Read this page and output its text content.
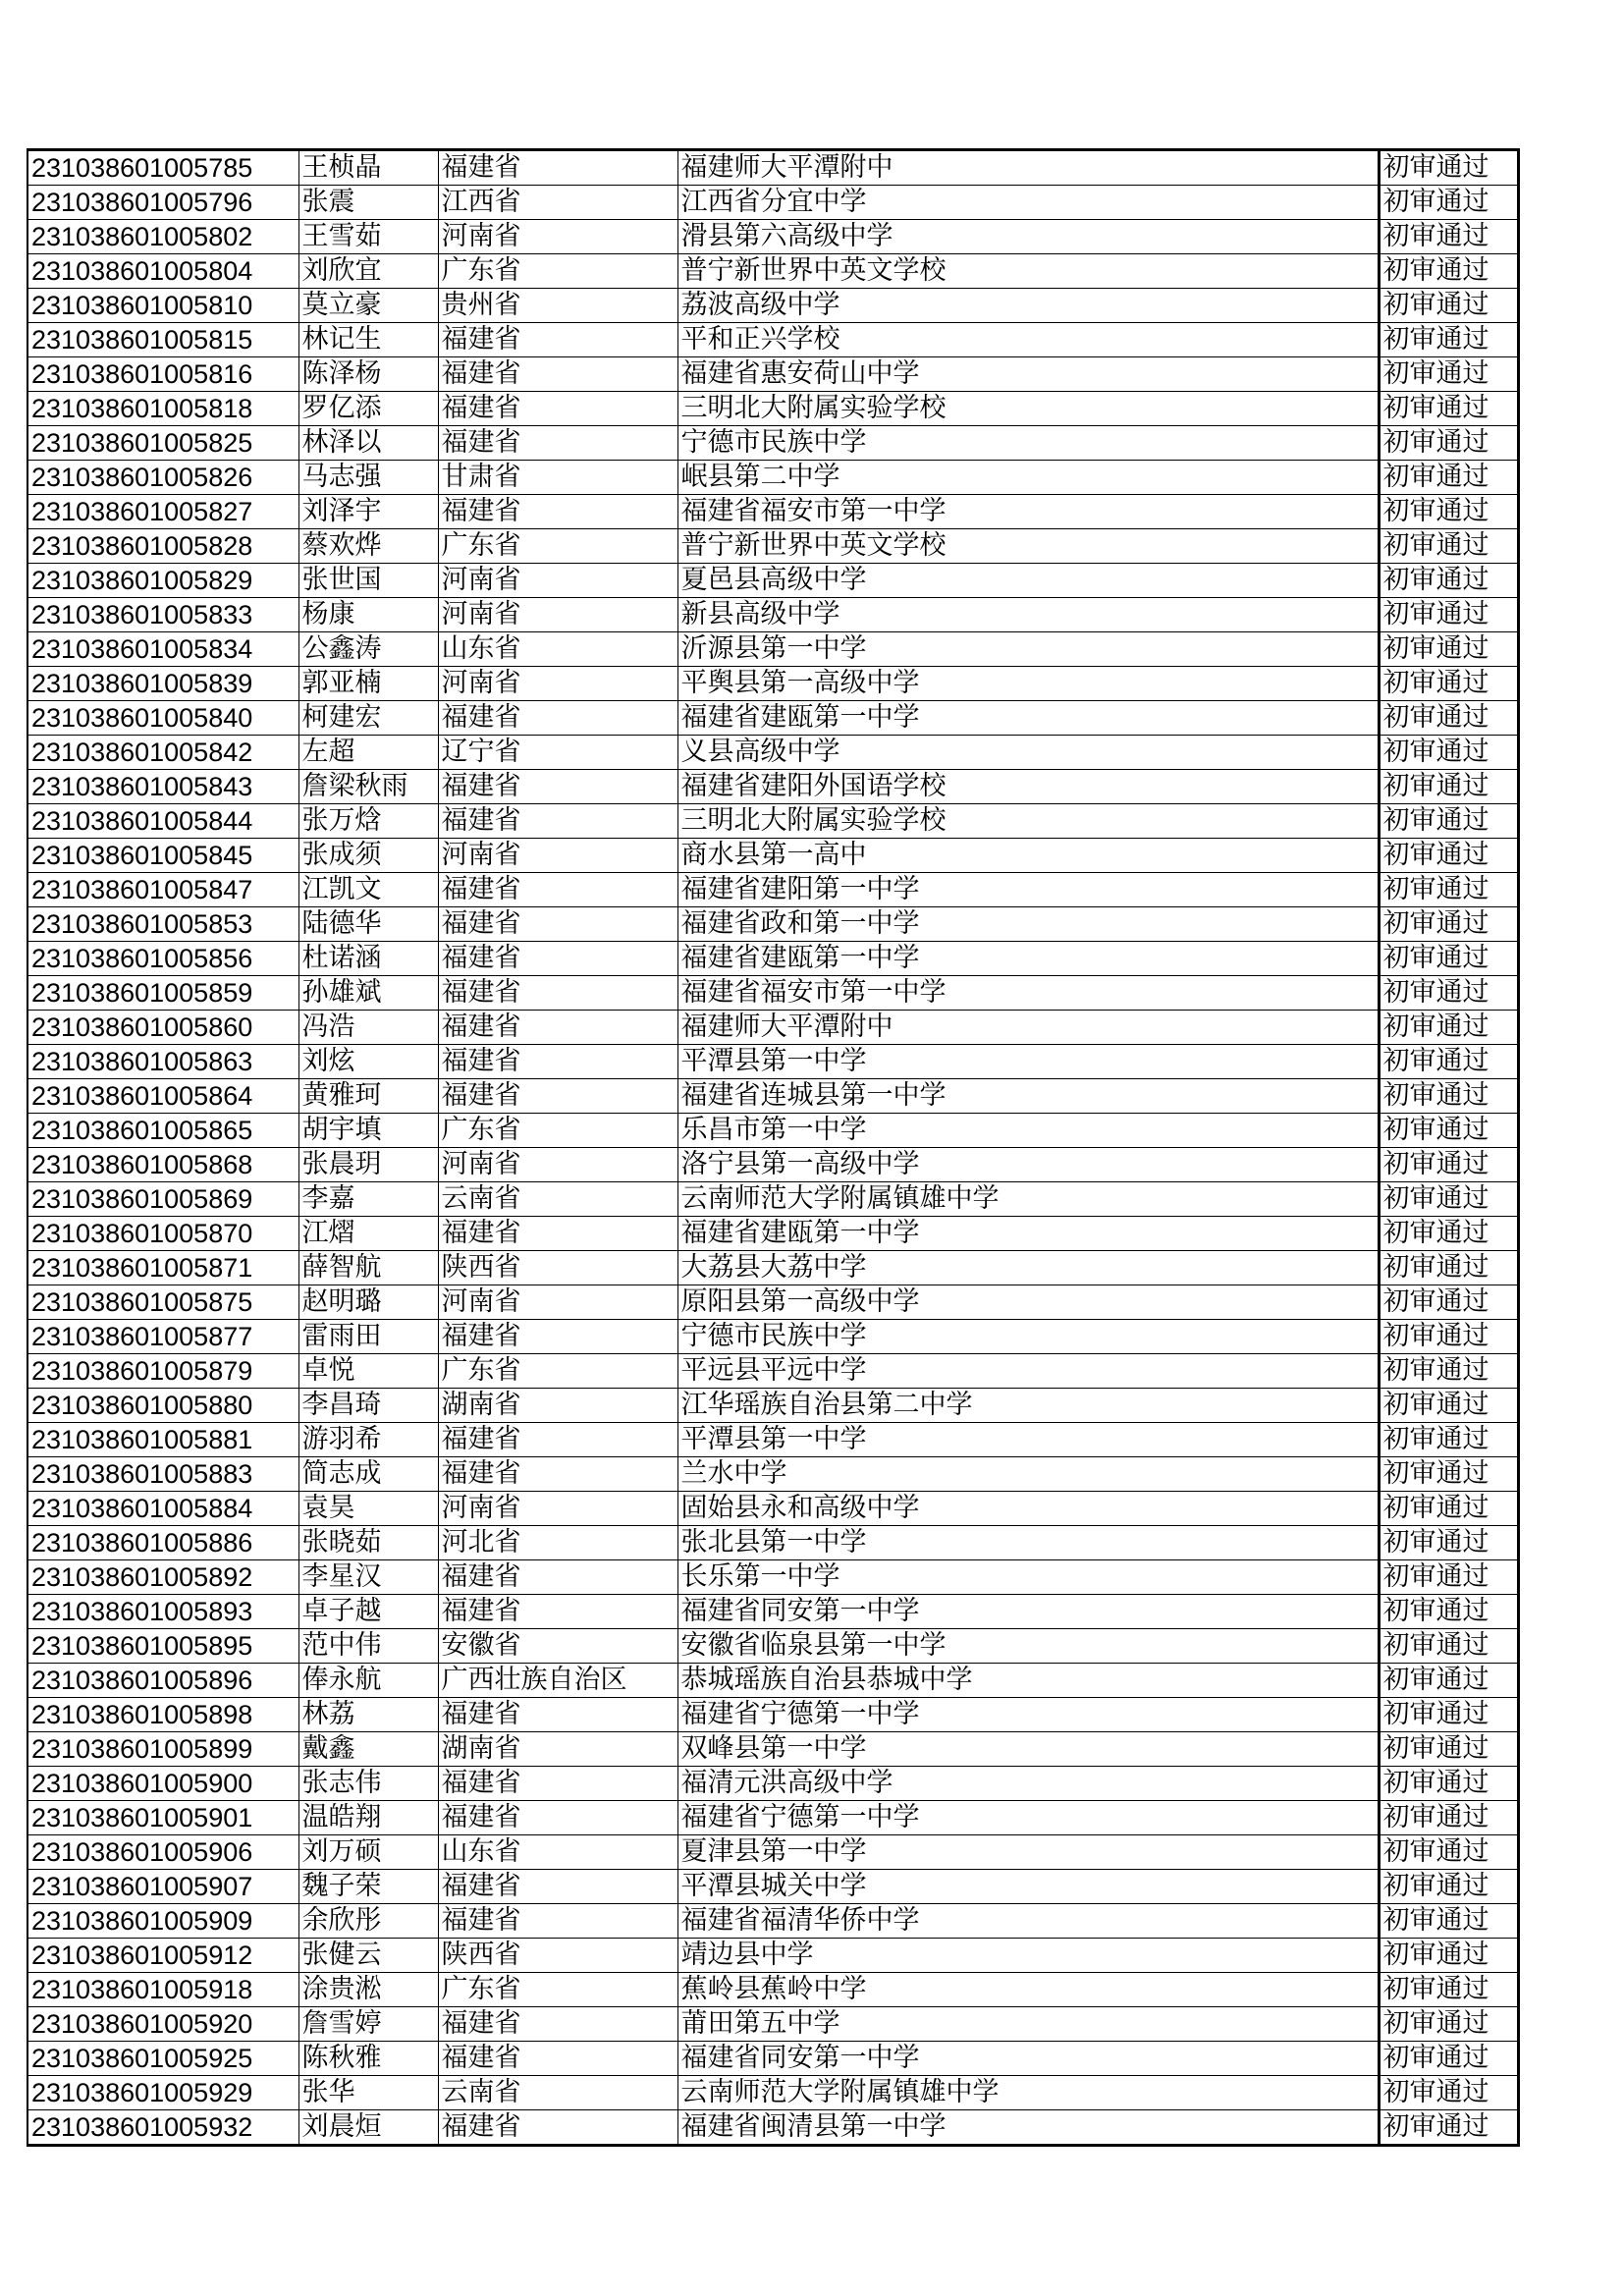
231038601005785	王桢晶	福建省	福建师大平潭附中	初审通过
231038601005796	张震	江西省	江西省分宜中学	初审通过
231038601005802	王雪茹	河南省	滑县第六高级中学	初审通过
231038601005804	刘欣宜	广东省	普宁新世界中英文学校	初审通过
231038601005810	莫立豪	贵州省	荔波高级中学	初审通过
231038601005815	林记生	福建省	平和正兴学校	初审通过
231038601005816	陈泽杨	福建省	福建省惠安荷山中学	初审通过
231038601005818	罗亿添	福建省	三明北大附属实验学校	初审通过
231038601005825	林泽以	福建省	宁德市民族中学	初审通过
231038601005826	马志强	甘肃省	岷县第二中学	初审通过
231038601005827	刘泽宇	福建省	福建省福安市第一中学	初审通过
231038601005828	蔡欢烨	广东省	普宁新世界中英文学校	初审通过
231038601005829	张世国	河南省	夏邑县高级中学	初审通过
231038601005833	杨康	河南省	新县高级中学	初审通过
231038601005834	公鑫涛	山东省	沂源县第一中学	初审通过
231038601005839	郭亚楠	河南省	平舆县第一高级中学	初审通过
231038601005840	柯建宏	福建省	福建省建瓯第一中学	初审通过
231038601005842	左超	辽宁省	义县高级中学	初审通过
231038601005843	詹梁秋雨	福建省	福建省建阳外国语学校	初审通过
231038601005844	张万焓	福建省	三明北大附属实验学校	初审通过
231038601005845	张成须	河南省	商水县第一高中	初审通过
231038601005847	江凯文	福建省	福建省建阳第一中学	初审通过
231038601005853	陆德华	福建省	福建省政和第一中学	初审通过
231038601005856	杜诺涵	福建省	福建省建瓯第一中学	初审通过
231038601005859	孙雄斌	福建省	福建省福安市第一中学	初审通过
231038601005860	冯浩	福建省	福建师大平潭附中	初审通过
231038601005863	刘炫	福建省	平潭县第一中学	初审通过
231038601005864	黄雅珂	福建省	福建省连城县第一中学	初审通过
231038601005865	胡宇填	广东省	乐昌市第一中学	初审通过
231038601005868	张晨玥	河南省	洛宁县第一高级中学	初审通过
231038601005869	李嘉	云南省	云南师范大学附属镇雄中学	初审通过
231038601005870	江熠	福建省	福建省建瓯第一中学	初审通过
231038601005871	薛智航	陕西省	大荔县大荔中学	初审通过
231038601005875	赵明璐	河南省	原阳县第一高级中学	初审通过
231038601005877	雷雨田	福建省	宁德市民族中学	初审通过
231038601005879	卓悦	广东省	平远县平远中学	初审通过
231038601005880	李昌琦	湖南省	江华瑶族自治县第二中学	初审通过
231038601005881	游羽希	福建省	平潭县第一中学	初审通过
231038601005883	简志成	福建省	兰水中学	初审通过
231038601005884	袁昊	河南省	固始县永和高级中学	初审通过
231038601005886	张晓茹	河北省	张北县第一中学	初审通过
231038601005892	李星汉	福建省	长乐第一中学	初审通过
231038601005893	卓子越	福建省	福建省同安第一中学	初审通过
231038601005895	范中伟	安徽省	安徽省临泉县第一中学	初审通过
231038601005896	俸永航	广西壮族自治区	恭城瑶族自治县恭城中学	初审通过
231038601005898	林荔	福建省	福建省宁德第一中学	初审通过
231038601005899	戴鑫	湖南省	双峰县第一中学	初审通过
231038601005900	张志伟	福建省	福清元洪高级中学	初审通过
231038601005901	温皓翔	福建省	福建省宁德第一中学	初审通过
231038601005906	刘万硕	山东省	夏津县第一中学	初审通过
231038601005907	魏子荣	福建省	平潭县城关中学	初审通过
231038601005909	余欣彤	福建省	福建省福清华侨中学	初审通过
231038601005912	张健云	陕西省	靖边县中学	初审通过
231038601005918	涂贵淞	广东省	蕉岭县蕉岭中学	初审通过
231038601005920	詹雪婷	福建省	莆田第五中学	初审通过
231038601005925	陈秋雅	福建省	福建省同安第一中学	初审通过
231038601005929	张华	云南省	云南师范大学附属镇雄中学	初审通过
231038601005932	刘晨烜	福建省	福建省闽清县第一中学	初审通过
